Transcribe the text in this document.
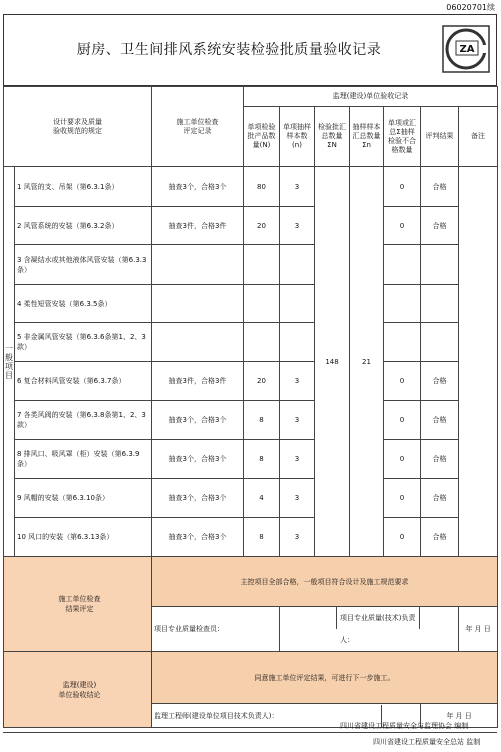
06020701续
厨房、卫生间排风系统安装检验批质量验收记录	ZA
设计要求及质量
验收规范的规定		施工单位检查
评定记录	监理(建设)单位验收记录						
			单项检验批产品数量(N)	单项抽样样本数(n)	检验批汇总数量ΣN	抽样样本汇总数量Σn	单项或汇总Σ抽样检验不合格数量	评判结果	备注
一般项目	1 风管的支、吊架（第6.3.1条）	抽查3个，合格3个	80	3	148	21	0	合格	
	2 风管系统的安装（第6.3.2条）	抽查3件，合格3件	20	3			0	合格	
	3 含凝结水或其他液体风管安装（第6.3.3条）								
	4 柔性短管安装（第6.3.5条）								
	5 非金属风管安装（第6.3.6条第1、2、3款）								
	6 复合材料风管安装（第6.3.7条）	抽查3件，合格3件	20	3			0	合格	
	7 各类风阀的安装（第6.3.8条第1、2、3款）	抽查3个，合格3个	8	3			0	合格	
	8 排风口、吸风罩（柜）安装（第6.3.9条）	抽查3个，合格3个	8	3			0	合格	
	9 风帽的安装（第6.3.10条）	抽查3个，合格3个	4	3			0	合格	
	10 风口的安装（第6.3.13条）	抽查3个，合格3个	8	3			0	合格	
施工单位检查
结果评定		主控项目全部合格，一般项目符合设计及施工规范要求							
		项目专业质量检查员：		项目专业质量(技术)负责人：					年 月 日
监理(建设)
单位验收结论		同意施工单位评定结果，可进行下一步施工。							

		监理工程师(建设单位项目技术负责人)：						年 月 日	
四川省建设工程质量安全与监理协会 编制
四川省建设工程质量安全总站 监制
